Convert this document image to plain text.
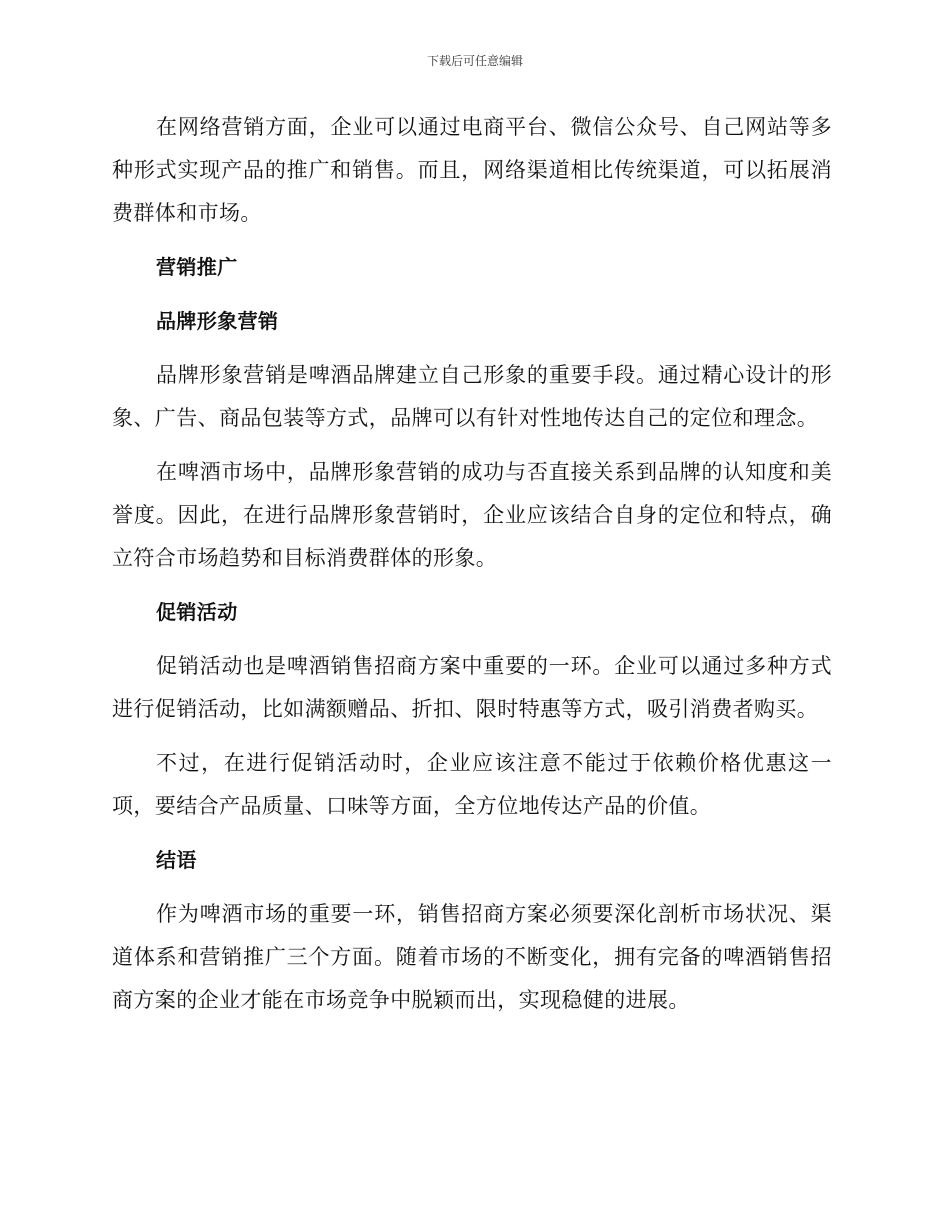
下载后可任意编辑

在网络营销方面，企业可以通过电商平台、微信公众号、自己网站等多种形式实现产品的推广和销售。而且，网络渠道相比传统渠道，可以拓展消费群体和市场。

营销推广

品牌形象营销

品牌形象营销是啤酒品牌建立自己形象的重要手段。通过精心设计的形象、广告、商品包装等方式，品牌可以有针对性地传达自己的定位和理念。

在啤酒市场中，品牌形象营销的成功与否直接关系到品牌的认知度和美誉度。因此，在进行品牌形象营销时，企业应该结合自身的定位和特点，确立符合市场趋势和目标消费群体的形象。

促销活动

促销活动也是啤酒销售招商方案中重要的一环。企业可以通过多种方式进行促销活动，比如满额赠品、折扣、限时特惠等方式，吸引消费者购买。

不过，在进行促销活动时，企业应该注意不能过于依赖价格优惠这一项，要结合产品质量、口味等方面，全方位地传达产品的价值。

结语

作为啤酒市场的重要一环，销售招商方案必须要深化剖析市场状况、渠道体系和营销推广三个方面。随着市场的不断变化，拥有完备的啤酒销售招商方案的企业才能在市场竞争中脱颖而出，实现稳健的进展。
